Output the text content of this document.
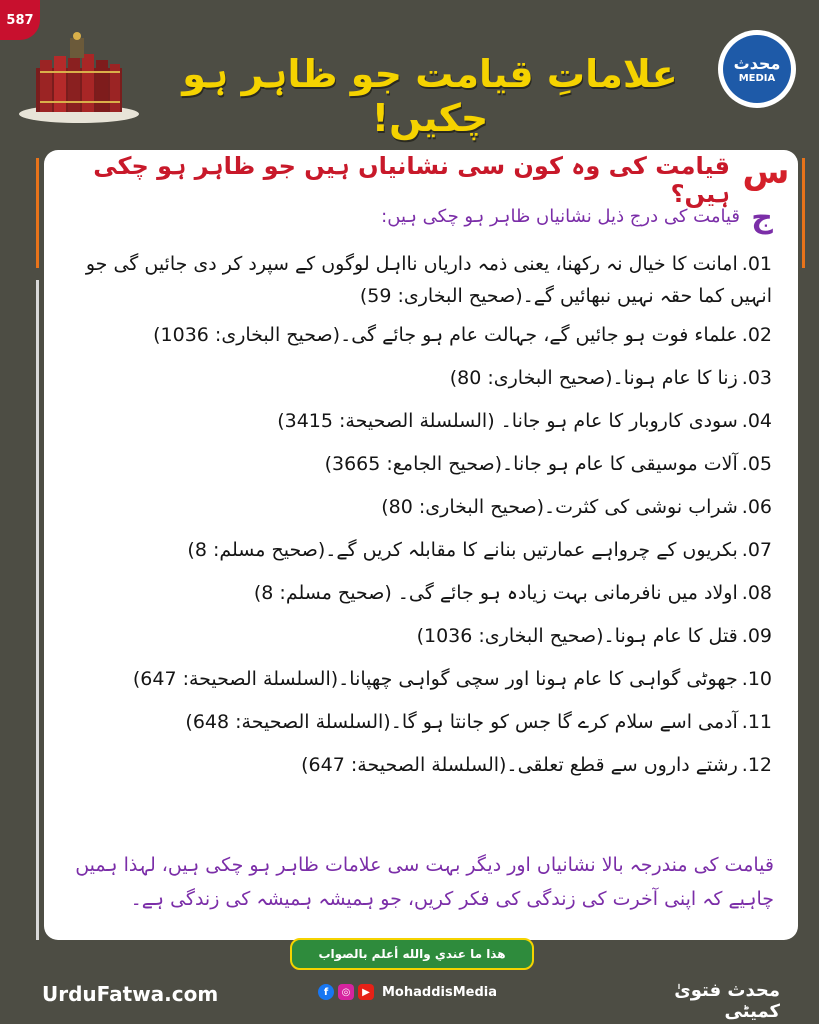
587
علاماتِ قیامت جو ظاہر ہو چکیں!
محدث
MEDIA
س
قیامت کی وہ کون سی نشانیاں ہیں جو ظاہر ہو چکی ہیں؟
ج
قیامت کی درج ذیل نشانیاں ظاہر ہو چکی ہیں:
01.امانت کا خیال نہ رکھنا، یعنی ذمہ داریاں نااہل لوگوں کے سپرد کر دی جائیں گی جو انہیں کما حقہ نہیں نبھائیں گے۔(صحیح البخاری: 59)
02.علماء فوت ہو جائیں گے، جہالت عام ہو جائے گی۔(صحیح البخاری: 1036)
03.زنا کا عام ہونا۔(صحیح البخاری: 80)
04.سودی کاروبار کا عام ہو جانا۔ (السلسلة الصحيحة: 3415)
05.آلات موسیقی کا عام ہو جانا۔(صحيح الجامع: 3665)
06.شراب نوشی کی کثرت۔(صحیح البخاری: 80)
07.بکریوں کے چرواہے عمارتیں بنانے کا مقابلہ کریں گے۔(صحیح مسلم: 8)
08.اولاد میں نافرمانی بہت زیادہ ہو جائے گی۔ (صحیح مسلم: 8)
09.قتل کا عام ہونا۔(صحیح البخاری: 1036)
10.جھوٹی گواہی کا عام ہونا اور سچی گواہی چھپانا۔(السلسلة الصحيحة: 647)
11.آدمی اسے سلام کرے گا جس کو جانتا ہو گا۔(السلسلة الصحيحة: 648)
12.رشتے داروں سے قطع تعلقی۔(السلسلة الصحيحة: 647)
قیامت کی مندرجہ بالا نشانیاں اور دیگر بہت سی علامات ظاہر ہو چکی ہیں، لہذا ہمیں چاہیے کہ اپنی آخرت کی زندگی کی فکر کریں، جو ہمیشہ ہمیشہ کی زندگی ہے۔
هذا ما عندي والله أعلم بالصواب
UrduFatwa.com	f	◎	▶ MohaddisMedia	محدث فتویٰ کمیٹی
